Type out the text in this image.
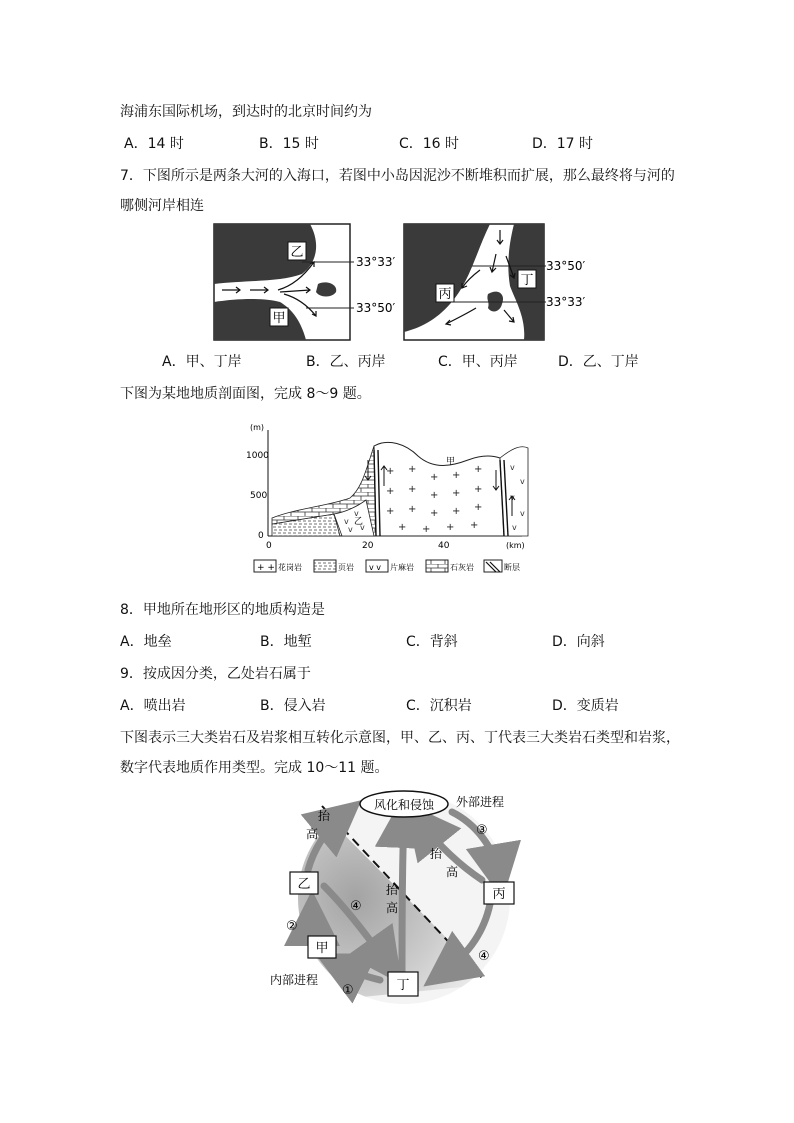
海浦东国际机场，到达时的北京时间约为
A．14 时	B．15 时	C．16 时	D．17 时
7．下图所示是两条大河的入海口，若图中小岛因泥沙不断堆积而扩展，那么最终将与河的
哪侧河岸相连
乙
甲
33°33′
33°50′
丙
丁
33°50′
33°33′
A．甲、丁岸	B．乙、丙岸	C．甲、丙岸	D．乙、丁岸
下图为某地地质剖面图，完成 8～9 题。
(m)
1000
500
0
0	20	40	(km)
v
v
v v
+ +
+ +
+
+ +
+ + +
+ + + + +
+ + + +
v
v
v
v
v
甲
乙
+ + 花岗岩	页岩 v v 片麻岩	石灰岩	断层
8．甲地所在地形区的地质构造是
A．地垒	B．地堑	C．背斜	D．向斜
9．按成因分类，乙处岩石属于
A．喷出岩	B．侵入岩	C．沉积岩	D．变质岩
下图表示三大类岩石及岩浆相互转化示意图，甲、乙、丙、丁代表三大类岩石类型和岩浆，
数字代表地质作用类型。完成 10～11 题。
风化和侵蚀 外部进程
内部进程
乙
甲
丙
丁
抬
高
抬
高
抬
高
①
②
③
④
④
